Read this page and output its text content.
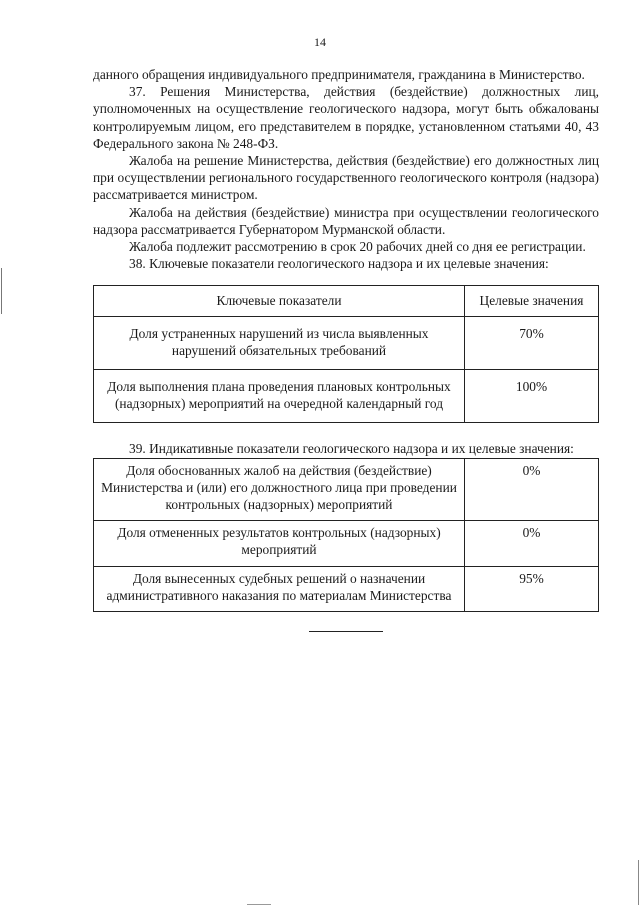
14

данного обращения индивидуального предпринимателя, гражданина в Министерство.

37. Решения Министерства, действия (бездействие) должностных лиц, уполномоченных на осуществление геологического надзора, могут быть обжалованы контролируемым лицом, его представителем в порядке, установленном статьями 40, 43 Федерального закона № 248-ФЗ.

Жалоба на решение Министерства, действия (бездействие) его должностных лиц при осуществлении регионального государственного геологического контроля (надзора) рассматривается министром.

Жалоба на действия (бездействие) министра при осуществлении геологического надзора рассматривается Губернатором Мурманской области.

Жалоба подлежит рассмотрению в срок 20 рабочих дней со дня ее регистрации.

38. Ключевые показатели геологического надзора и их целевые значения:

Ключевые показатели	Целевые значения
Доля устраненных нарушений из числа выявленных нарушений обязательных требований	70%
Доля выполнения плана проведения плановых контрольных (надзорных) мероприятий на очередной календарный год	100%

39. Индикативные показатели геологического надзора и их целевые значения:

Доля обоснованных жалоб на действия (бездействие) Министерства и (или) его должностного лица при проведении контрольных (надзорных) мероприятий	0%
Доля отмененных результатов контрольных (надзорных) мероприятий	0%
Доля вынесенных судебных решений о назначении административного наказания по материалам Министерства	95%
